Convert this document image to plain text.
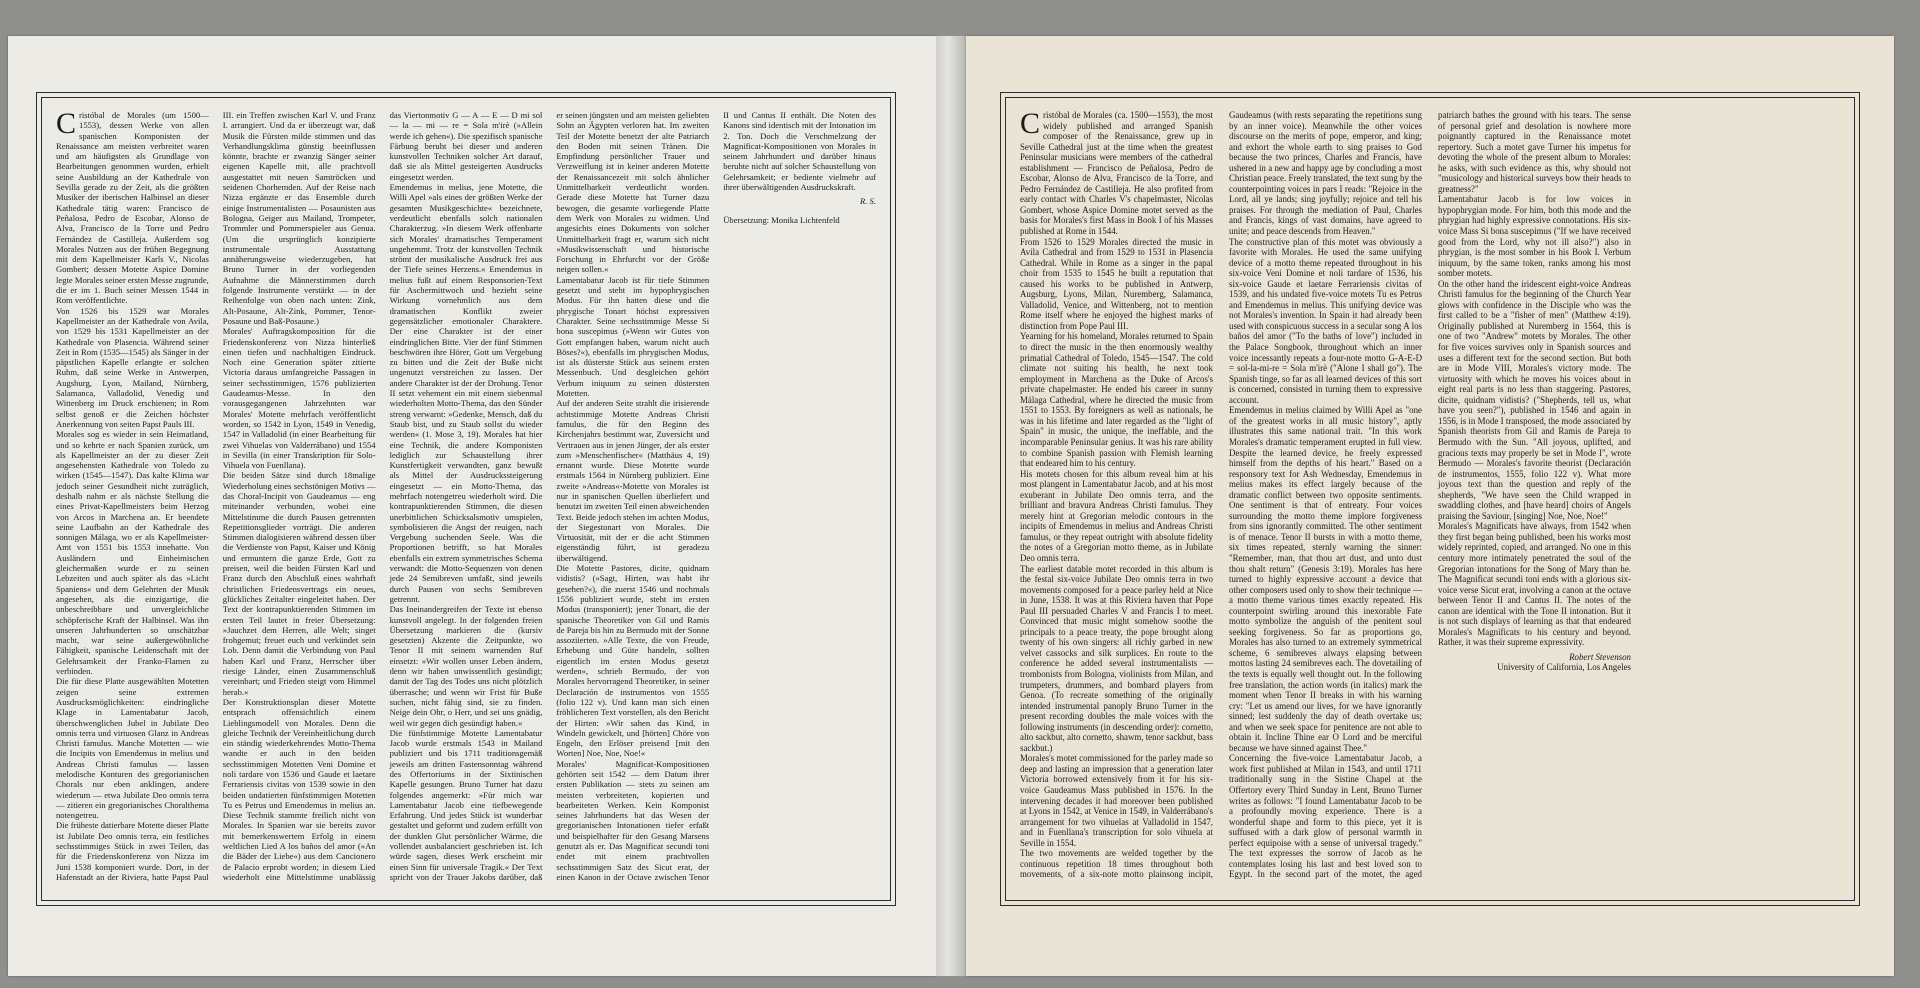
Cristóbal de Morales (um 1500—1553), dessen Werke von allen spanischen Komponisten der Renaissance am meisten verbreitet waren und am häufigsten als Grundlage von Bearbeitungen genommen wurden, erhielt seine Ausbildung an der Kathedrale von Sevilla gerade zu der Zeit, als die größten Musiker der iberischen Halbinsel an dieser Kathedrale tätig waren: Francisco de Peñalosa, Pedro de Escobar, Alonso de Alva, Francisco de la Torre und Pedro Fernández de Castilleja. Außerdem sog Morales Nutzen aus der frühen Begegnung mit dem Kapellmeister Karls V., Nicolas Gombert; dessen Motette Aspice Domine legte Morales seiner ersten Messe zugrunde, die er im 1. Buch seiner Messen 1544 in Rom veröffentlichte.

Von 1526 bis 1529 war Morales Kapellmeister an der Kathedrale von Avila, von 1529 bis 1531 Kapellmeister an der Kathedrale von Plasencia. Während seiner Zeit in Rom (1535—1545) als Sänger in der päpstlichen Kapelle erlangte er solchen Ruhm, daß seine Werke in Antwerpen, Augsburg, Lyon, Mailand, Nürnberg, Salamanca, Valladolid, Venedig und Wittenberg im Druck erschienen; in Rom selbst genoß er die Zeichen höchster Anerkennung von seiten Papst Pauls III.

Morales sog es wieder in sein Heimatland, und so kehrte er nach Spanien zurück, um als Kapellmeister an der zu dieser Zeit angesehensten Kathedrale von Toledo zu wirken (1545—1547). Das kalte Klima war jedoch seiner Gesundheit nicht zuträglich, deshalb nahm er als nächste Stellung die eines Privat-Kapellmeisters beim Herzog von Arcos in Marchena an. Er beendete seine Laufbahn an der Kathedrale des sonnigen Málaga, wo er als Kapellmeister-Amt von 1551 bis 1553 innehatte. Von Ausländern und Einheimischen gleichermaßen wurde er zu seinen Lebzeiten und auch später als das »Licht Spaniens« und dem Gelehrten der Musik angesehen, als die einzigartige, die unbeschreibbare und unvergleichliche schöpferische Kraft der Halbinsel. Was ihn unseren Jahrhunderten so unschätzbar macht, war seine außergewöhnliche Fähigkeit, spanische Leidenschaft mit der Gelehrsamkeit der Franko-Flamen zu verbinden.

Die für diese Platte ausgewählten Motetten zeigen seine extremen Ausdrucksmöglichkeiten: eindringliche Klage in Lamentabatur Jacob, überschwenglichen Jubel in Jubilate Deo omnis terra und virtuosen Glanz in Andreas Christi famulus. Manche Motetten — wie die Incipits von Emendemus in melius und Andreas Christi famulus — lassen melodische Konturen des gregorianischen Chorals nur eben anklingen, andere wiederum — etwa Jubilate Deo omnis terra — zitieren ein gregorianisches Choralthema notengetreu.

Die früheste datierbare Motette dieser Platte ist Jubilate Deo omnis terra, ein festliches sechsstimmiges Stück in zwei Teilen, das für die Friedenskonferenz von Nizza im Juni 1538 komponiert wurde. Dort, in der Hafenstadt an der Riviera, hatte Papst Paul III. ein Treffen zwischen Karl V. und Franz I. arrangiert. Und da er überzeugt war, daß Musik die Fürsten milde stimmen und das Verhandlungsklima günstig beeinflussen könnte, brachte er zwanzig Sänger seiner eigenen Kapelle mit, alle prachtvoll ausgestattet mit neuen Samtröcken und seidenen Chorhemden. Auf der Reise nach Nizza ergänzte er das Ensemble durch einige Instrumentalisten — Posaunisten aus Bologna, Geiger aus Mailand, Trompeter, Trommler und Pommerspieler aus Genua. (Um die ursprünglich konzipierte instrumentale Ausstattung annäherungsweise wiederzugeben, hat Bruno Turner in der vorliegenden Aufnahme die Männerstimmen durch folgende Instrumente verstärkt — in der Reihenfolge von oben nach unten: Zink, Alt-Posaune, Alt-Zink, Pommer, Tenor-Posaune und Baß-Posaune.)

Morales' Auftragskomposition für die Friedenskonferenz von Nizza hinterließ einen tiefen und nachhaltigen Eindruck. Noch eine Generation später zitierte Victoria daraus umfangreiche Passagen in seiner sechsstimmigen, 1576 publizierten Gaudeamus-Messe. In den vorausgegangenen Jahrzehnten war Morales' Motette mehrfach veröffentlicht worden, so 1542 in Lyon, 1549 in Venedig, 1547 in Valladolid (in einer Bearbeitung für zwei Vihuelas von Valderrábano) und 1554 in Sevilla (in einer Transkription für Solo-Vihuela von Fuenllana).

Die beiden Sätze sind durch 18malige Wiederholung eines sechstönigen Motivs — das Choral-Incipit von Gaudeamus — eng miteinander verbunden, wobei eine Mittelstimme die durch Pausen getrennten Repetitionsglieder vorträgt. Die anderen Stimmen dialogisieren während dessen über die Verdienste von Papst, Kaiser und König und ermuntern die ganze Erde, Gott zu preisen, weil die beiden Fürsten Karl und Franz durch den Abschluß eines wahrhaft christlichen Friedensvertrags ein neues, glückliches Zeitalter eingeleitet haben. Der Text der kontrapunktierenden Stimmen im ersten Teil lautet in freier Übersetzung: »Jauchzet dem Herren, alle Welt; singet frohgemut; freuet euch und verkündet sein Lob. Denn damit die Verbindung von Paul haben Karl und Franz, Herrscher über riesige Länder, einen Zusammenschluß vereinbart; und Frieden steigt vom Himmel herab.«

Der Konstruktionsplan dieser Motette entsprach offensichtlich einem Lieblingsmodell von Morales. Denn die gleiche Technik der Vereinheitlichung durch ein ständig wiederkehrendes Motto-Thema wandte er auch in den beiden sechsstimmigen Motetten Veni Domine et noli tardare von 1536 und Gaude et laetare Ferrariensis civitas von 1539 sowie in den beiden undatierten fünfstimmigen Motetten Tu es Petrus und Emendemus in melius an. Diese Technik stammte freilich nicht von Morales. In Spanien war sie bereits zuvor mit bemerkenswertem Erfolg in einem weltlichen Lied A los baños del amor (»An die Bäder der Liebe«) aus dem Cancionero de Palacio erprobt worden; in diesem Lied wiederholt eine Mittelstimme unablässig das Viertonmotiv G — A — E — D mi sol — la — mi — re = Sola m'irè (»Allein werde ich gehen«). Die spezifisch spanische Färbung beruht bei dieser und anderen kunstvollen Techniken solcher Art darauf, daß sie als Mittel gesteigerten Ausdrucks eingesetzt werden.

Emendemus in melius, jene Motette, die Willi Apel »als eines der größten Werke der gesamten Musikgeschichte« bezeichnete, verdeutlicht ebenfalls solch nationalen Charakterzug. »In diesem Werk offenbarte sich Morales' dramatisches Temperament ungehemmt. Trotz der kunstvollen Technik strömt der musikalische Ausdruck frei aus der Tiefe seines Herzens.« Emendemus in melius fußt auf einem Responsorien-Text für Aschermittwoch und bezieht seine Wirkung vornehmlich aus dem dramatischen Konflikt zweier gegensätzlicher emotionaler Charaktere. Der eine Charakter ist der einer eindringlichen Bitte. Vier der fünf Stimmen beschwören ihre Hörer, Gott um Vergebung zu bitten und die Zeit der Buße nicht ungenutzt verstreichen zu lassen. Der andere Charakter ist der der Drohung. Tenor II setzt vehement ein mit einem siebenmal wiederholten Motto-Thema, das den Sünder streng verwarnt: »Gedenke, Mensch, daß du Staub bist, und zu Staub sollst du wieder werden« (1. Mose 3, 19). Morales hat hier eine Technik, die andere Komponisten lediglich zur Schaustellung ihrer Kunstfertigkeit verwandten, ganz bewußt als Mittel der Ausdruckssteigerung eingesetzt — ein Motto-Thema, das mehrfach notengetreu wiederholt wird. Die kontrapunktierenden Stimmen, die diesen unerbittlichen Schicksalsmotiv umspielen, symbolisieren die Angst der reuigen, nach Vergebung suchenden Seele. Was die Proportionen betrifft, so hat Morales ebenfalls ein extrem symmetrisches Schema verwandt: die Motto-Sequenzen von denen jede 24 Semibreven umfaßt, sind jeweils durch Pausen von sechs Semibreven getrennt.

Das Ineinandergreifen der Texte ist ebenso kunstvoll angelegt. In der folgenden freien Übersetzung markieren die (kursiv gesetzten) Akzente die Zeitpunkte, wo Tenor II mit seinem warnenden Ruf einsetzt: »Wir wollen unser Leben ändern, denn wir haben unwissentlich gesündigt; damit der Tag des Todes uns nicht plötzlich überrasche; und wenn wir Frist für Buße suchen, nicht fähig sind, sie zu finden. Neige dein Ohr, o Herr, und sei uns gnädig, weil wir gegen dich gesündigt haben.«

Die fünfstimmige Motette Lamentabatur Jacob wurde erstmals 1543 in Mailand publiziert und bis 1711 traditionsgemäß jeweils am dritten Fastensonntag während des Offertoriums in der Sixtinischen Kapelle gesungen. Bruno Turner hat dazu folgendes angemerkt: »Für mich war Lamentabatur Jacob eine tiefbewegende Erfahrung. Und jedes Stück ist wunderbar gestaltet und geformt und zudem erfüllt von der dunklen Glut persönlicher Wärme, die vollendet ausbalanciert geschrieben ist. Ich würde sagen, dieses Werk erscheint mir einen Sinn für universale Tragik.« Der Text spricht von der Trauer Jakobs darüber, daß er seinen jüngsten und am meisten geliebten Sohn an Ägypten verloren hat. Im zweiten Teil der Motette benetzt der alte Patriarch den Boden mit seinen Tränen. Die Empfindung persönlicher Trauer und Verzweiflung ist in keiner anderen Motette der Renaissancezeit mit solch ähnlicher Unmittelbarkeit verdeutlicht worden. Gerade diese Motette hat Turner dazu bewogen, die gesamte vorliegende Platte dem Werk von Morales zu widmen. Und angesichts eines Dokuments von solcher Unmittelbarkeit fragt er, warum sich nicht »Musikwissenschaft und historische Forschung in Ehrfurcht vor der Größe neigen sollen.«

Lamentabatur Jacob ist für tiefe Stimmen gesetzt und steht im hypophrygischen Modus. Für ihn hatten diese und die phrygische Tonart höchst expressiven Charakter. Seine sechsstimmige Messe Si bona suscepimus (»Wenn wir Gutes von Gott empfangen haben, warum nicht auch Böses?«), ebenfalls im phrygischen Modus, ist als düsterste Stück aus seinem ersten Messenbuch. Und desgleichen gehört Verbum iniquum zu seinen düstersten Motetten.

Auf der anderen Seite strahlt die irisierende achtstimmige Motette Andreas Christi famulus, die für den Beginn des Kirchenjahrs bestimmt war, Zuversicht und Vertrauen aus in jenen Jünger, der als erster zum »Menschenfischer« (Matthäus 4, 19) ernannt wurde. Diese Motette wurde erstmals 1564 in Nürnberg publiziert. Eine zweite »Andreas«-Motette von Morales ist nur in spanischen Quellen überliefert und benutzt im zweiten Teil einen abweichenden Text. Beide jedoch stehen im achten Modus, der Siegestonart von Morales. Die Virtuosität, mit der er die acht Stimmen eigenständig führt, ist geradezu überwältigend.

Die Motette Pastores, dicite, quidnam vidistis? (»Sagt, Hirten, was habt ihr gesehen?«), die zuerst 1546 und nochmals 1556 publiziert wurde, steht im ersten Modus (transponiert); jener Tonart, die der spanische Theoretiker von Gil und Ramis de Pareja bis hin zu Bermudo mit der Sonne assoziierten. »Alle Texte, die von Freude, Erhebung und Güte handeln, sollten eigentlich im ersten Modus gesetzt werden«, schrieb Bermudo, der von Morales hervorragend Theoretiker, in seiner Declaración de instrumentos von 1555 (folio 122 v). Und kann man sich einen fröhlicheren Text vorstellen, als den Bericht der Hirten: »Wir sahen das Kind, in Windeln gewickelt, und [hörten] Chöre von Engeln, den Erlöser preisend [mit den Worten] Noe, Noe, Noe!«

Morales' Magnificat-Kompositionen gehörten seit 1542 — dem Datum ihrer ersten Publikation — stets zu seinen am meisten verbreiteten, kopierten und bearbeiteten Werken. Kein Komponist seines Jahrhunderts hat das Wesen der gregorianischen Intonationen tiefer erfaßt und beispielhafter für den Gesang Marsens genutzt als er. Das Magnificat secundi toni endet mit einem prachtvollen sechsstimmigen Satz des Sicut erat, der einen Kanon in der Octave zwischen Tenor II und Cantus II enthält. Die Noten des Kanons sind identisch mit der Intonation im 2. Ton. Doch die Verschmelzung der Magnificat-Kompositionen von Morales in seinem Jahrhundert und darüber hinaus beruhte nicht auf solcher Schaustellung von Gelehrsamkeit; er bediente vielmehr auf ihrer überwältigenden Ausdruckskraft.

R. S.

Übersetzung: Monika Lichtenfeld

Cristóbal de Morales (ca. 1500—1553), the most widely published and arranged Spanish composer of the Renaissance, grew up in Seville Cathedral just at the time when the greatest Peninsular musicians were members of the cathedral establishment — Francisco de Peñalosa, Pedro de Escobar, Alonso de Alva, Francisco de la Torre, and Pedro Fernández de Castilleja. He also profited from early contact with Charles V's chapelmaster, Nicolas Gombert, whose Aspice Domine motet served as the basis for Morales's first Mass in Book I of his Masses published at Rome in 1544.

From 1526 to 1529 Morales directed the music in Avila Cathedral and from 1529 to 1531 in Plasencia Cathedral. While in Rome as a singer in the papal choir from 1535 to 1545 he built a reputation that caused his works to be published in Antwerp, Augsburg, Lyons, Milan, Nuremberg, Salamanca, Valladolid, Venice, and Wittenberg, not to mention Rome itself where he enjoyed the highest marks of distinction from Pope Paul III.

Yearning for his homeland, Morales returned to Spain to direct the music in the then enormously wealthy primatial Cathedral of Toledo, 1545—1547. The cold climate not suiting his health, he next took employment in Marchena as the Duke of Arcos's private chapelmaster. He ended his career in sunny Málaga Cathedral, where he directed the music from 1551 to 1553. By foreigners as well as nationals, he was in his lifetime and later regarded as the "light of Spain" in music, the unique, the ineffable, and the incomparable Peninsular genius. It was his rare ability to combine Spanish passion with Flemish learning that endeared him to his century.

His motets chosen for this album reveal him at his most plangent in Lamentabatur Jacob, and at his most exuberant in Jubilate Deo omnis terra, and the brilliant and bravura Andreas Christi famulus. They merely hint at Gregorian melodic contours in the incipits of Emendemus in melius and Andreas Christi famulus, or they repeat outright with absolute fidelity the notes of a Gregorian motto theme, as in Jubilate Deo omnis terra.

The earliest datable motet recorded in this album is the festal six-voice Jubilate Deo omnis terra in two movements composed for a peace parley held at Nice in June, 1538. It was at this Riviera haven that Pope Paul III persuaded Charles V and Francis I to meet. Convinced that music might somehow soothe the principals to a peace treaty, the pope brought along twenty of his own singers: all richly garbed in new velvet cassocks and silk surplices. En route to the conference he added several instrumentalists — trombonists from Bologna, violinists from Milan, and trumpeters, drummers, and bombard players from Genoa. (To recreate something of the originally intended instrumental panoply Bruno Turner in the present recording doubles the male voices with the following instruments (in descending order): cornetto, alto sackbut, alto cornetto, shawm, tenor sackbut, bass sackbut.)

Morales's motet commissioned for the parley made so deep and lasting an impression that a generation later Victoria borrowed extensively from it for his six-voice Gaudeamus Mass published in 1576. In the intervening decades it had moreover been published at Lyons in 1542, at Venice in 1549, in Valderrábano's arrangement for two vihuelas at Valladolid in 1547, and in Fuenllana's transcription for solo vihuela at Seville in 1554.

The two movements are welded together by the continuous repetition 18 times throughout both movements, of a six-note motto plainsong incipit, Gaudeamus (with rests separating the repetitions sung by an inner voice). Meanwhile the other voices discourse on the merits of pope, emperor, and king; and exhort the whole earth to sing praises to God because the two princes, Charles and Francis, have ushered in a new and happy age by concluding a most Christian peace. Freely translated, the text sung by the counterpointing voices in pars I reads: "Rejoice in the Lord, all ye lands; sing joyfully; rejoice and tell his praises. For through the mediation of Paul, Charles and Francis, kings of vast domains, have agreed to unite; and peace descends from Heaven."

The constructive plan of this motet was obviously a favorite with Morales. He used the same unifying device of a motto theme repeated throughout in his six-voice Veni Domine et noli tardare of 1536, his six-voice Gaude et laetare Ferrariensis civitas of 1539, and his undated five-voice motets Tu es Petrus and Emendemus in melius. This unifying device was not Morales's invention. In Spain it had already been used with conspicuous success in a secular song A los baños del amor ("To the baths of love") included in the Palace Songbook, throughout which an inner voice incessantly repeats a four-note motto G-A-E-D = sol-la-mi-re = Sola m'irè ("Alone I shall go"). The Spanish tinge, so far as all learned devices of this sort is concerned, consisted in turning them to expressive account.

Emendemus in melius claimed by Willi Apel as "one of the greatest works in all music history", aptly illustrates this same national trait. "In this work Morales's dramatic temperament erupted in full view. Despite the learned device, he freely expressed himself from the depths of his heart." Based on a responsory text for Ash Wednesday, Emendemus in melius makes its effect largely because of the dramatic conflict between two opposite sentiments. One sentiment is that of entreaty. Four voices surrounding the motto theme implore forgiveness from sins ignorantly committed. The other sentiment is of menace. Tenor II bursts in with a motto theme, six times repeated, sternly warning the sinner: "Remember, man, that thou art dust, and unto dust thou shalt return" (Genesis 3:19). Morales has here turned to highly expressive account a device that other composers used only to show their technique — a motto theme various times exactly repeated. His counterpoint swirling around this inexorable Fate motto symbolize the anguish of the penitent soul seeking forgiveness. So far as proportions go, Morales has also turned to an extremely symmetrical scheme, 6 semibreves always elapsing between mottos lasting 24 semibreves each. The dovetailing of the texts is equally well thought out. In the following free translation, the action words (in italics) mark the moment when Tenor II breaks in with his warning cry: "Let us amend our lives, for we have ignorantly sinned; lest suddenly the day of death overtake us; and when we seek space for penitence are not able to obtain it. Incline Thine ear O Lord and be merciful because we have sinned against Thee."

Concerning the five-voice Lamentabatur Jacob, a work first published at Milan in 1543, and until 1711 traditionally sung in the Sistine Chapel at the Offertory every Third Sunday in Lent, Bruno Turner writes as follows: "I found Lamentabatur Jacob to be a profoundly moving experience. There is a wonderful shape and form to this piece, yet it is suffused with a dark glow of personal warmth in perfect equipoise with a sense of universal tragedy." The text expresses the sorrow of Jacob as he contemplates losing his last and best loved son to Egypt. In the second part of the motet, the aged patriarch bathes the ground with his tears. The sense of personal grief and desolation is nowhere more poignantly captured in the Renaissance motet repertory. Such a motet gave Turner his impetus for devoting the whole of the present album to Morales: he asks, with such evidence as this, why should not "musicology and historical surveys bow their heads to greatness?"

Lamentabatur Jacob is for low voices in hypophrygian mode. For him, both this mode and the phrygian had highly expressive connotations. His six-voice Mass Si bona suscepimus ("If we have received good from the Lord, why not ill also?") also in phrygian, is the most somber in his Book I. Verbum iniquum, by the same token, ranks among his most somber motets.

On the other hand the iridescent eight-voice Andreas Christi famulus for the beginning of the Church Year glows with confidence in the Disciple who was the first called to be a "fisher of men" (Matthew 4:19). Originally published at Nuremberg in 1564, this is one of two "Andrew" motets by Morales. The other for five voices survives only in Spanish sources and uses a different text for the second section. But both are in Mode VIII, Morales's victory mode. The virtuosity with which he moves his voices about in eight real parts is no less than staggering. Pastores, dicite, quidnam vidistis? ("Shepherds, tell us, what have you seen?"), published in 1546 and again in 1556, is in Mode I transposed, the mode associated by Spanish theorists from Gil and Ramis de Pareja to Bermudo with the Sun. "All joyous, uplifted, and gracious texts may properly be set in Mode I", wrote Bermudo — Morales's favorite theorist (Declaración de instrumentos, 1555, folio 122 v). What more joyous text than the question and reply of the shepherds, "We have seen the Child wrapped in swaddling clothes, and [have heard] choirs of Angels praising the Saviour, [singing] Noe, Noe, Noe!"

Morales's Magnificats have always, from 1542 when they first began being published, been his works most widely reprinted, copied, and arranged. No one in this century more intimately penetrated the soul of the Gregorian intonations for the Song of Mary than he. The Magnificat secundi toni ends with a glorious six-voice verse Sicut erat, involving a canon at the octave between Tenor II and Cantus II. The notes of the canon are identical with the Tone II intonation. But it is not such displays of learning as that that endeared Morales's Magnificats to his century and beyond. Rather, it was their supreme expressivity.

Robert Stevenson

University of California, Los Angeles
